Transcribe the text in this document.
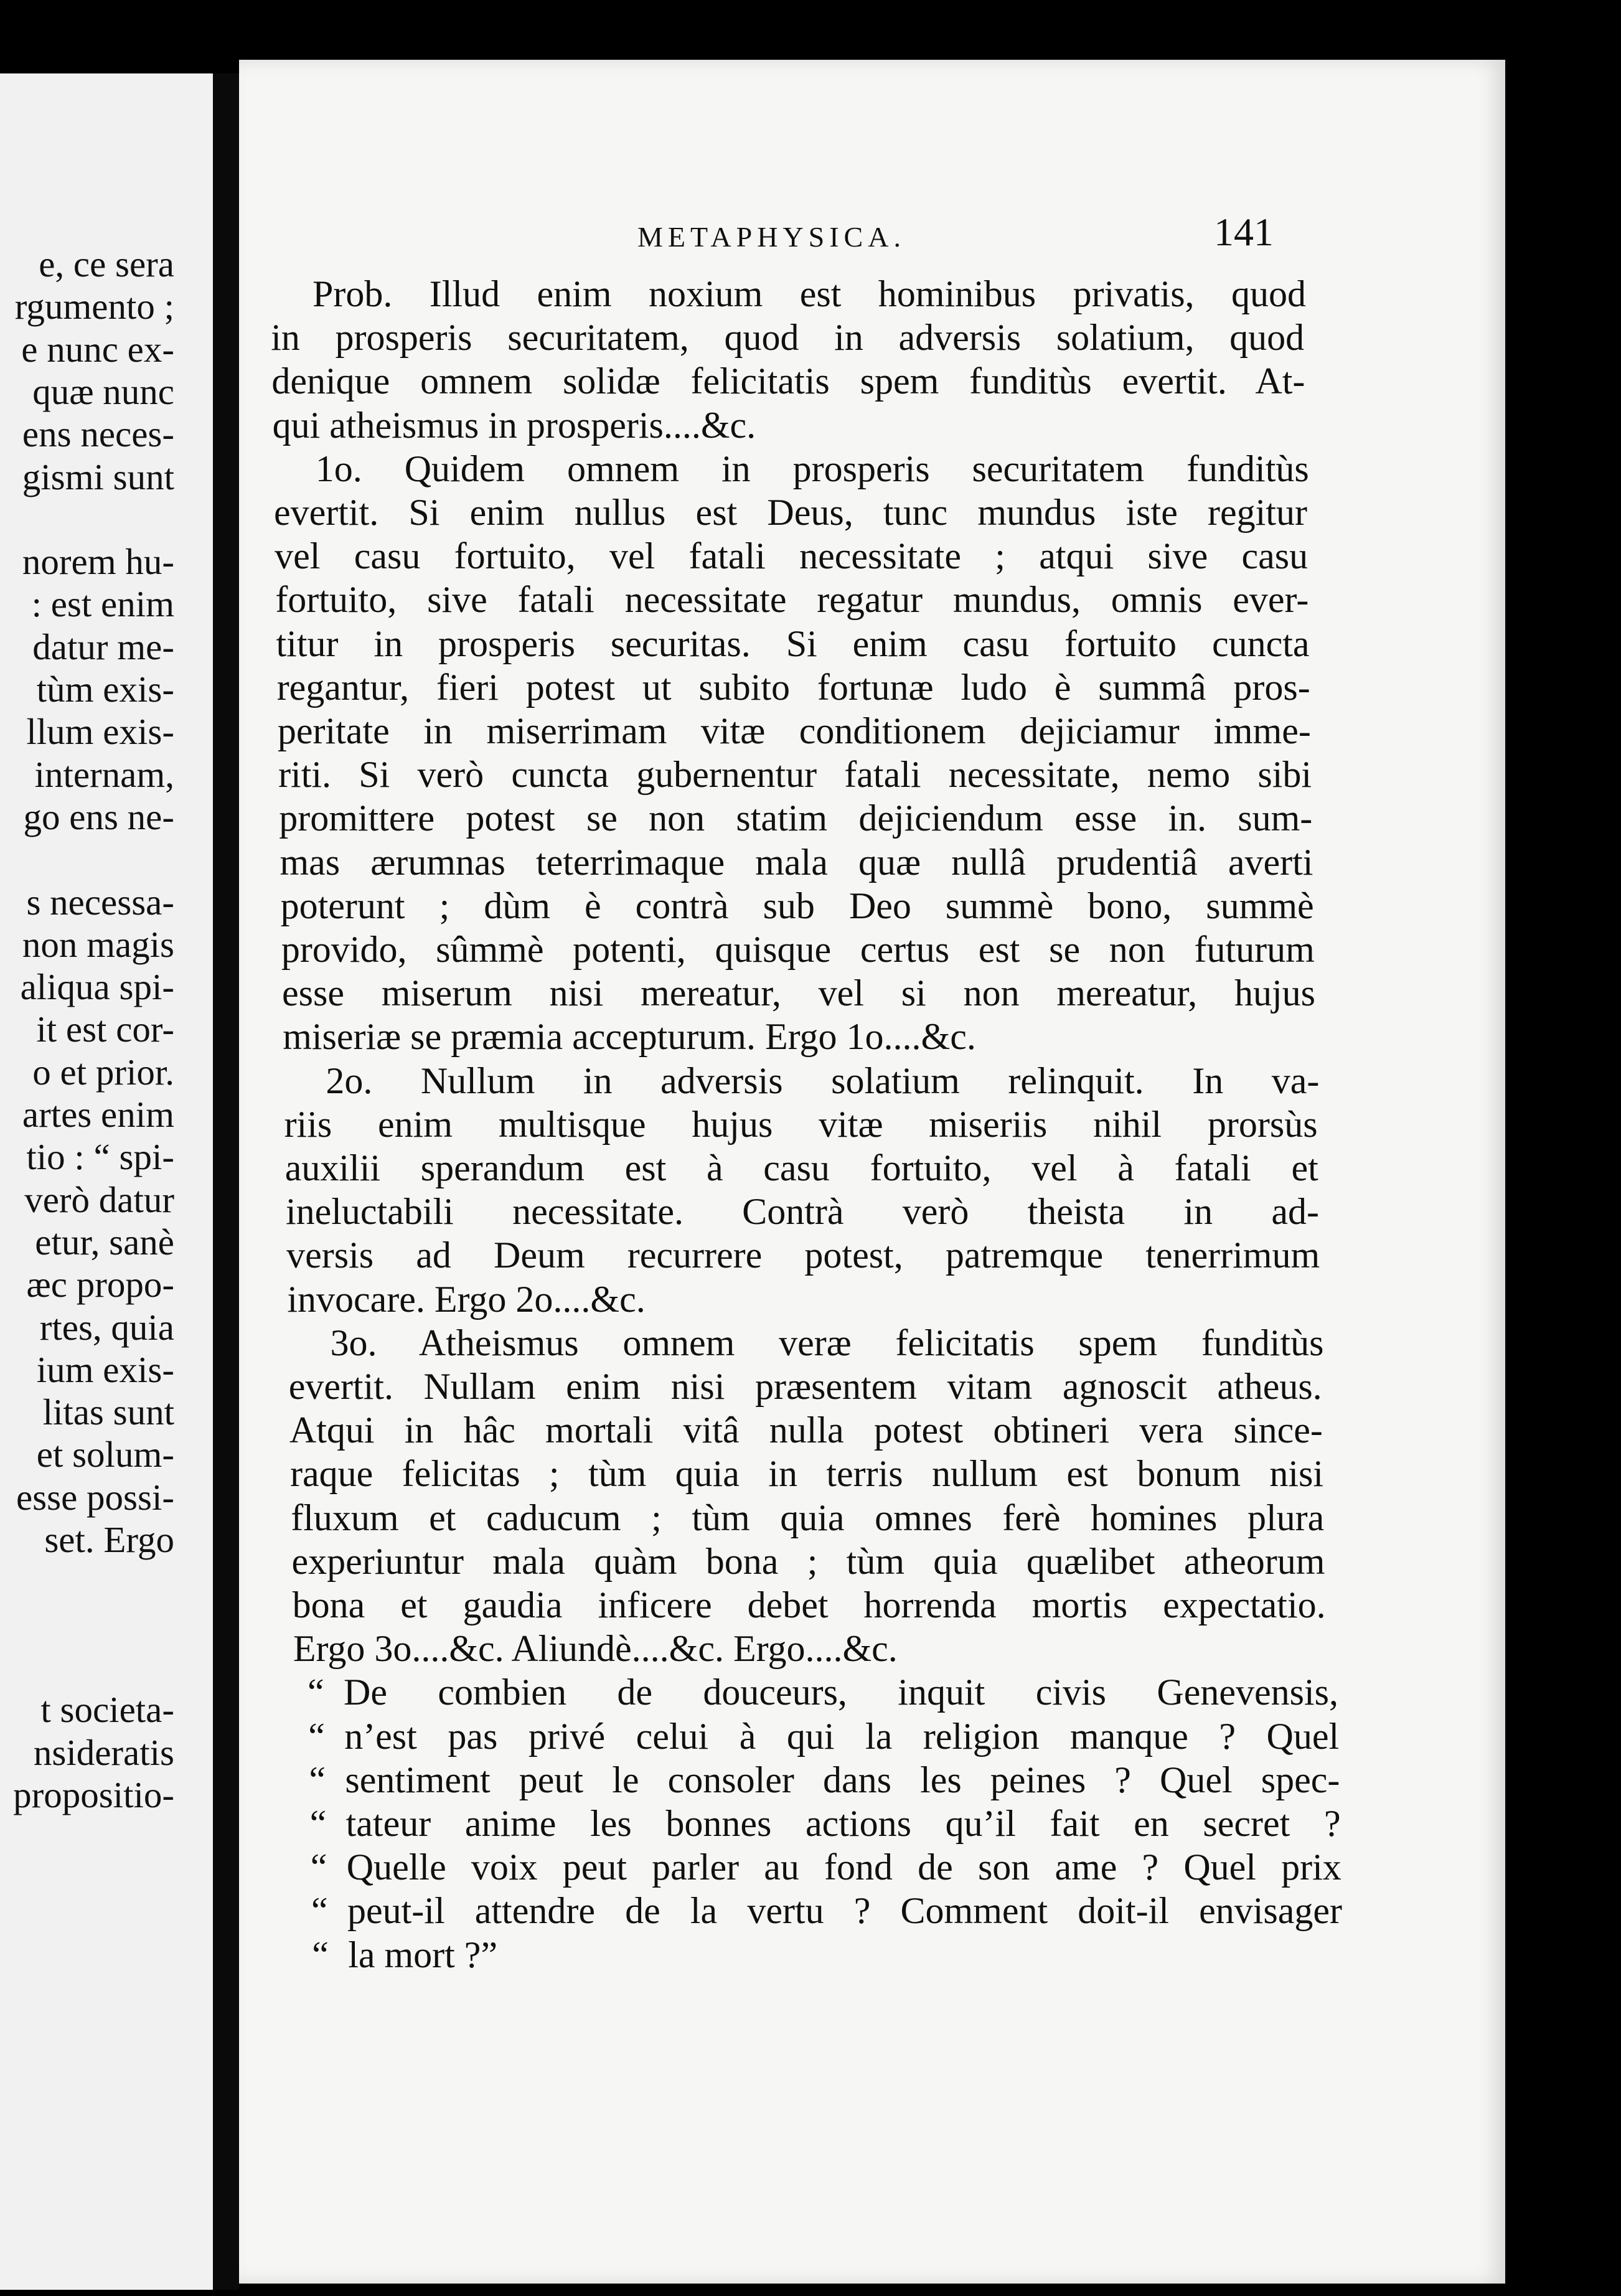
e, ce sera
rgumento ;
e nunc ex-
quæ nunc
ens neces-
gismi sunt
norem hu-
: est enim
datur me-
tùm exis-
llum exis-
internam,
go ens ne-
s necessa-
non magis
aliqua spi-
it est cor-
o et prior.
artes enim
tio : “ spi-
verò datur
etur, sanè
æc propo-
rtes, quia
ium exis-
litas sunt
et solum-
esse possi-
set. Ergo
t societa-
nsideratis
propositio-
METAPHYSICA.	141
Prob. Illud enim noxium est hominibus privatis, quod
in prosperis securitatem, quod in adversis solatium, quod
denique omnem solidæ felicitatis spem funditùs evertit. At-
qui atheismus in prosperis....&c.
1o. Quidem omnem in prosperis securitatem funditùs
evertit. Si enim nullus est Deus, tunc mundus iste regitur
vel casu fortuito, vel fatali necessitate ; atqui sive casu
fortuito, sive fatali necessitate regatur mundus, omnis ever-
titur in prosperis securitas. Si enim casu fortuito cuncta
regantur, fieri potest ut subito fortunæ ludo è summâ pros-
peritate in miserrimam vitæ conditionem dejiciamur imme-
riti. Si verò cuncta gubernentur fatali necessitate, nemo sibi
promittere potest se non statim dejiciendum esse in. sum-
mas ærumnas teterrimaque mala quæ nullâ prudentiâ averti
poterunt ; dùm è contrà sub Deo summè bono, summè
provido, sûmmè potenti, quisque certus est se non futurum
esse miserum nisi mereatur, vel si non mereatur, hujus
miseriæ se præmia accepturum. Ergo 1o....&c.
2o. Nullum in adversis solatium relinquit. In va-
riis enim multisque hujus vitæ miseriis nihil prorsùs
auxilii sperandum est à casu fortuito, vel à fatali et
ineluctabili necessitate. Contrà verò theista in ad-
versis ad Deum recurrere potest, patremque tenerrimum
invocare. Ergo 2o....&c.
3o. Atheismus omnem veræ felicitatis spem funditùs
evertit. Nullam enim nisi præsentem vitam agnoscit atheus.
Atqui in hâc mortali vitâ nulla potest obtineri vera since-
raque felicitas ; tùm quia in terris nullum est bonum nisi
fluxum et caducum ; tùm quia omnes ferè homines plura
experiuntur mala quàm bona ; tùm quia quælibet atheorum
bona et gaudia inficere debet horrenda mortis expectatio.
Ergo 3o....&c. Aliundè....&c. Ergo....&c.
“ De combien de douceurs, inquit civis Genevensis,
“ n’est pas privé celui à qui la religion manque ? Quel
“ sentiment peut le consoler dans les peines ? Quel spec-
“ tateur anime les bonnes actions qu’il fait en secret ?
“ Quelle voix peut parler au fond de son ame ? Quel prix
“ peut-il attendre de la vertu ? Comment doit-il envisager
“ la mort ?”
